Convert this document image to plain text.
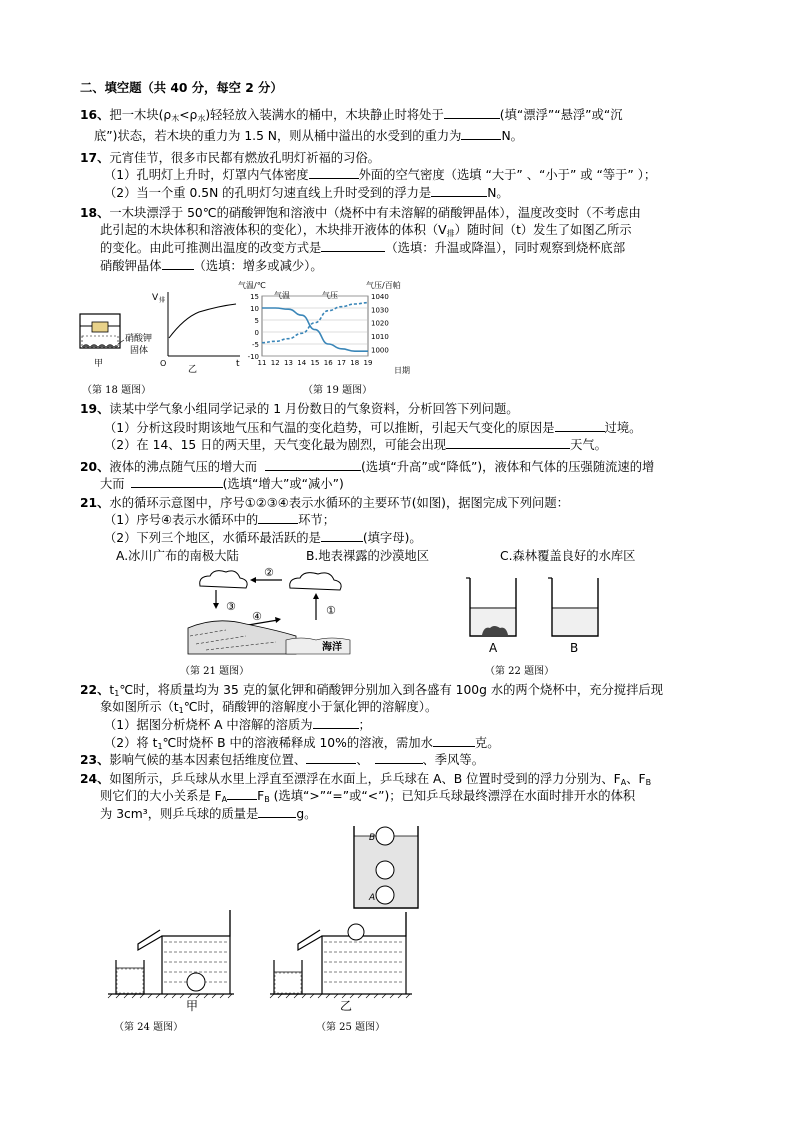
二、填空题（共 40 分，每空 2 分）
16、把一木块$(\rho_木<\rho_水)$轻轻放入装满水的桶中，木块静止时将处于	(填“漂浮”“悬浮”或“沉
底”)状态，若木块的重力为 1.5 N，则从桶中溢出的水受到的重力为	N。
17、元宵佳节，很多市民都有燃放孔明灯祈福的习俗。
（1）孔明灯上升时，灯罩内气体密度	外面的空气密度（选填 “大于” 、“小于” 或 “等于” ）；
（2）当一个重 0.5N 的孔明灯匀速直线上升时受到的浮力是	N。
18、一木块漂浮于 50℃的硝酸钾饱和溶液中（烧杯中有未溶解的硝酸钾晶体），温度改变时（不考虑由
此引起的木块体积和溶液体积的变化），木块排开液体的体积$(V_排)$随时间（t）发生了如图乙所示
的变化。由此可推测出温度的改变方式是	（选填：升温或降温），同时观察到烧杯底部
硝酸钾晶体	（选填：增多或减少）。
硝酸钾
固体
甲
V 排
t
O
乙
（第 18 题图）
气温/℃	气压/百帕
15
10
5
0
-5
-10
1040
1030
1020
1010
1000
11 12 13 14 15 16 17 18 19
气温	气压
日期
（第 19 题图）
19、读某中学气象小组同学记录的 1 月份数日的气象资料，分析回答下列问题。
（1）分析这段时期该地气压和气温的变化趋势，可以推断，引起天气变化的原因是	过境。
（2）在 14、15 日的两天里，天气变化最为剧烈，可能会出现	天气。
20、液体的沸点随气压的增大而	(选填“升高”或“降低”)，液体和气体的压强随流速的增
大而	(选填“增大”或“减小”)
21、水的循环示意图中，序号①②③④表示水循环的主要环节(如图)，据图完成下列问题：
（1）序号④表示水循环中的	环节；
（2）下列三个地区，水循环最活跃的是	(填字母)。
A.冰川广布的南极大陆	B.地表裸露的沙漠地区	C.森林覆盖良好的水库区
②
③
④	①
海洋
（第 21 题图）
A	B
（第 22 题图）
22、$t_1℃$时，将质量均为 35 克的氯化钾和硝酸钾分别加入到各盛有 100g 水的两个烧杯中，充分搅拌后现
象如图所示（$t_1℃$时，硝酸钾的溶解度小于氯化钾的溶解度）。
（1）据图分析烧杯 A 中溶解的溶质为	；
（2）将 $t_1℃$时烧杯 B 中的溶液稀释成 10%的溶液，需加水	克。
23、影响气候的基本因素包括维度位置、	、	、季风等。
24、如图所示，乒乓球从水里上浮直至漂浮在水面上，乒乓球在 A、B 位置时受到的浮力分别为、$F_A$、$F_B$
则它们的大小关系是 $F_A$ $F_B$ (选填“>”“=”或“<”)；已知乒乓球最终漂浮在水面时排开水的体积
为 3cm³，则乒乓球的质量是	g。
B
A
甲	乙
（第 24 题图）	（第 25 题图）
